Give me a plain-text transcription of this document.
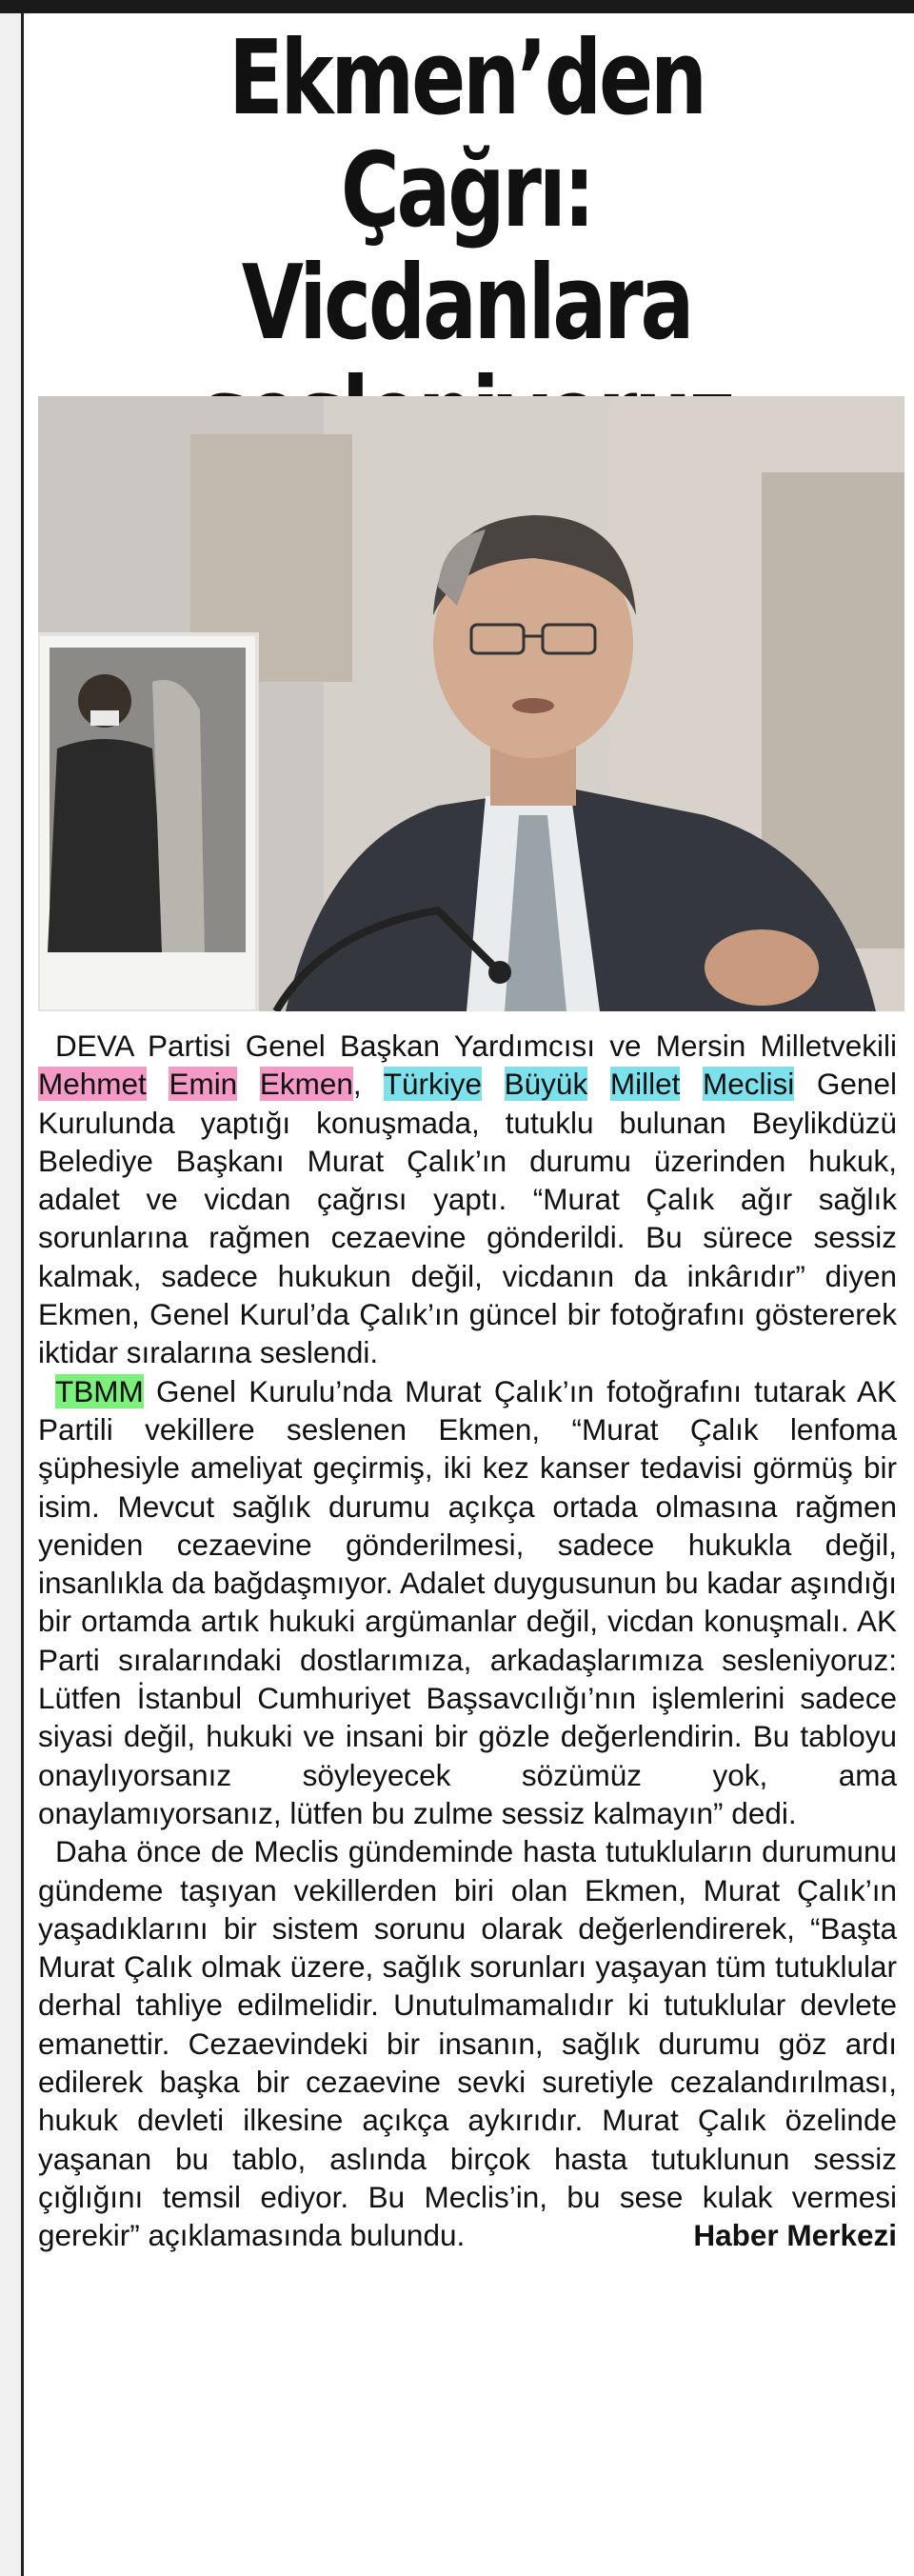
Ekmen’den Çağrı:
Vicdanlara

DEVA Partisi Genel Başkan Yardımcısı ve Mersin Milletvekili Mehmet Emin Ekmen, Türkiye Büyük Millet Meclisi Genel Kurulunda yaptığı konuşmada, tutuklu bulunan Beylikdüzü Belediye Başkanı Murat Çalık’ın durumu üzerinden hukuk, adalet ve vicdan çağrısı yaptı. “Murat Çalık ağır sağlık sorunlarına rağmen cezaevine gönderildi. Bu sürece sessiz kalmak, sadece hukukun değil, vicdanın da inkârıdır” diyen Ekmen, Genel Kurul’da Çalık’ın güncel bir fotoğrafını göstererek iktidar sıralarına seslendi.

TBMM Genel Kurulu’nda Murat Çalık’ın fotoğrafını tutarak AK Partili vekillere seslenen Ekmen, “Murat Çalık lenfoma şüphesiyle ameliyat geçirmiş, iki kez kanser tedavisi görmüş bir isim. Mevcut sağlık durumu açıkça ortada olmasına rağmen yeniden cezaevine gönderilmesi, sadece hukukla değil, insanlıkla da bağdaşmıyor. Adalet duygusunun bu kadar aşındığı bir ortamda artık hukuki argümanlar değil, vicdan konuşmalı. AK Parti sıralarındaki dostlarımıza, arkadaşlarımıza sesleniyoruz: Lütfen İstanbul Cumhuriyet Başsavcılığı’nın işlemlerini sadece siyasi değil, hukuki ve insani bir gözle değerlendirin. Bu tabloyu onaylıyorsanız söyleyecek sözümüz yok, ama onaylamıyorsanız, lütfen bu zulme sessiz kalmayın” dedi.

Daha önce de Meclis gündeminde hasta tutukluların durumunu gündeme taşıyan vekillerden biri olan Ekmen, Murat Çalık’ın yaşadıklarını bir sistem sorunu olarak değerlendirerek, “Başta Murat Çalık olmak üzere, sağlık sorunları yaşayan tüm tutuklular derhal tahliye edilmelidir. Unutulmamalıdır ki tutuklular devlete emanettir. Cezaevindeki bir insanın, sağlık durumu göz ardı edilerek başka bir cezaevine sevki suretiyle cezalandırılması, hukuk devleti ilkesine açıkça aykırıdır. Murat Çalık özelinde yaşanan bu tablo, aslında birçok hasta tutuklunun sessiz çığlığını temsil ediyor. Bu Meclis’in, bu sese kulak vermesi gerekir” açıklamasında bulundu.	Haber Merkezi
